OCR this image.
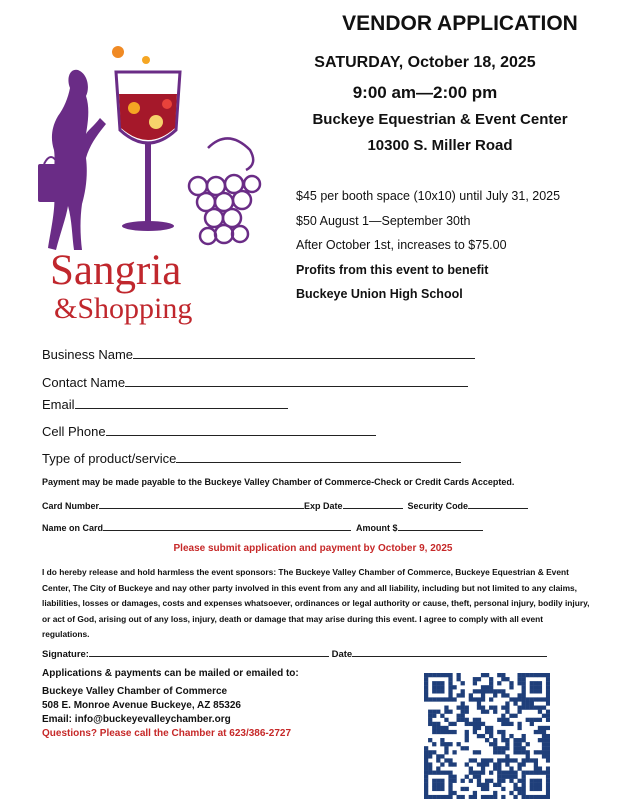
Sangria
&Shopping
VENDOR APPLICATION
SATURDAY, October 18, 2025
9:00 am—2:00 pm
Buckeye Equestrian & Event Center
10300 S. Miller Road
$45 per booth space (10x10) until July 31, 2025
$50 August 1—September 30th
After October 1st, increases to $75.00
Profits from this event to benefit
Buckeye Union High School
Business Name
Contact Name
Email
Cell Phone
Type of product/service
Payment may be made payable to the Buckeye Valley Chamber of Commerce-Check or Credit Cards Accepted.
Card Number	Exp Date	Security Code
Name on Card	Amount $
Please submit application and payment by October 9, 2025
I do hereby release and hold harmless the event sponsors: The Buckeye Valley Chamber of Commerce, Buckeye Equestrian & Event Center, The City of Buckeye and nay other party involved in this event from any and all liability, including but not limited to any claims, liabilities, losses or damages, costs and expenses whatsoever, ordinances or legal authority or cause, theft, personal injury, bodily injury, or act of God, arising out of any loss, injury, death or damage that may arise during this event. I agree to comply with all event regulations.
Signature:	Date
Applications & payments can be mailed or emailed to:
Buckeye Valley Chamber of Commerce
508 E. Monroe Avenue Buckeye, AZ 85326
Email: info@buckeyevalleychamber.org
Questions? Please call the Chamber at 623/386-2727
